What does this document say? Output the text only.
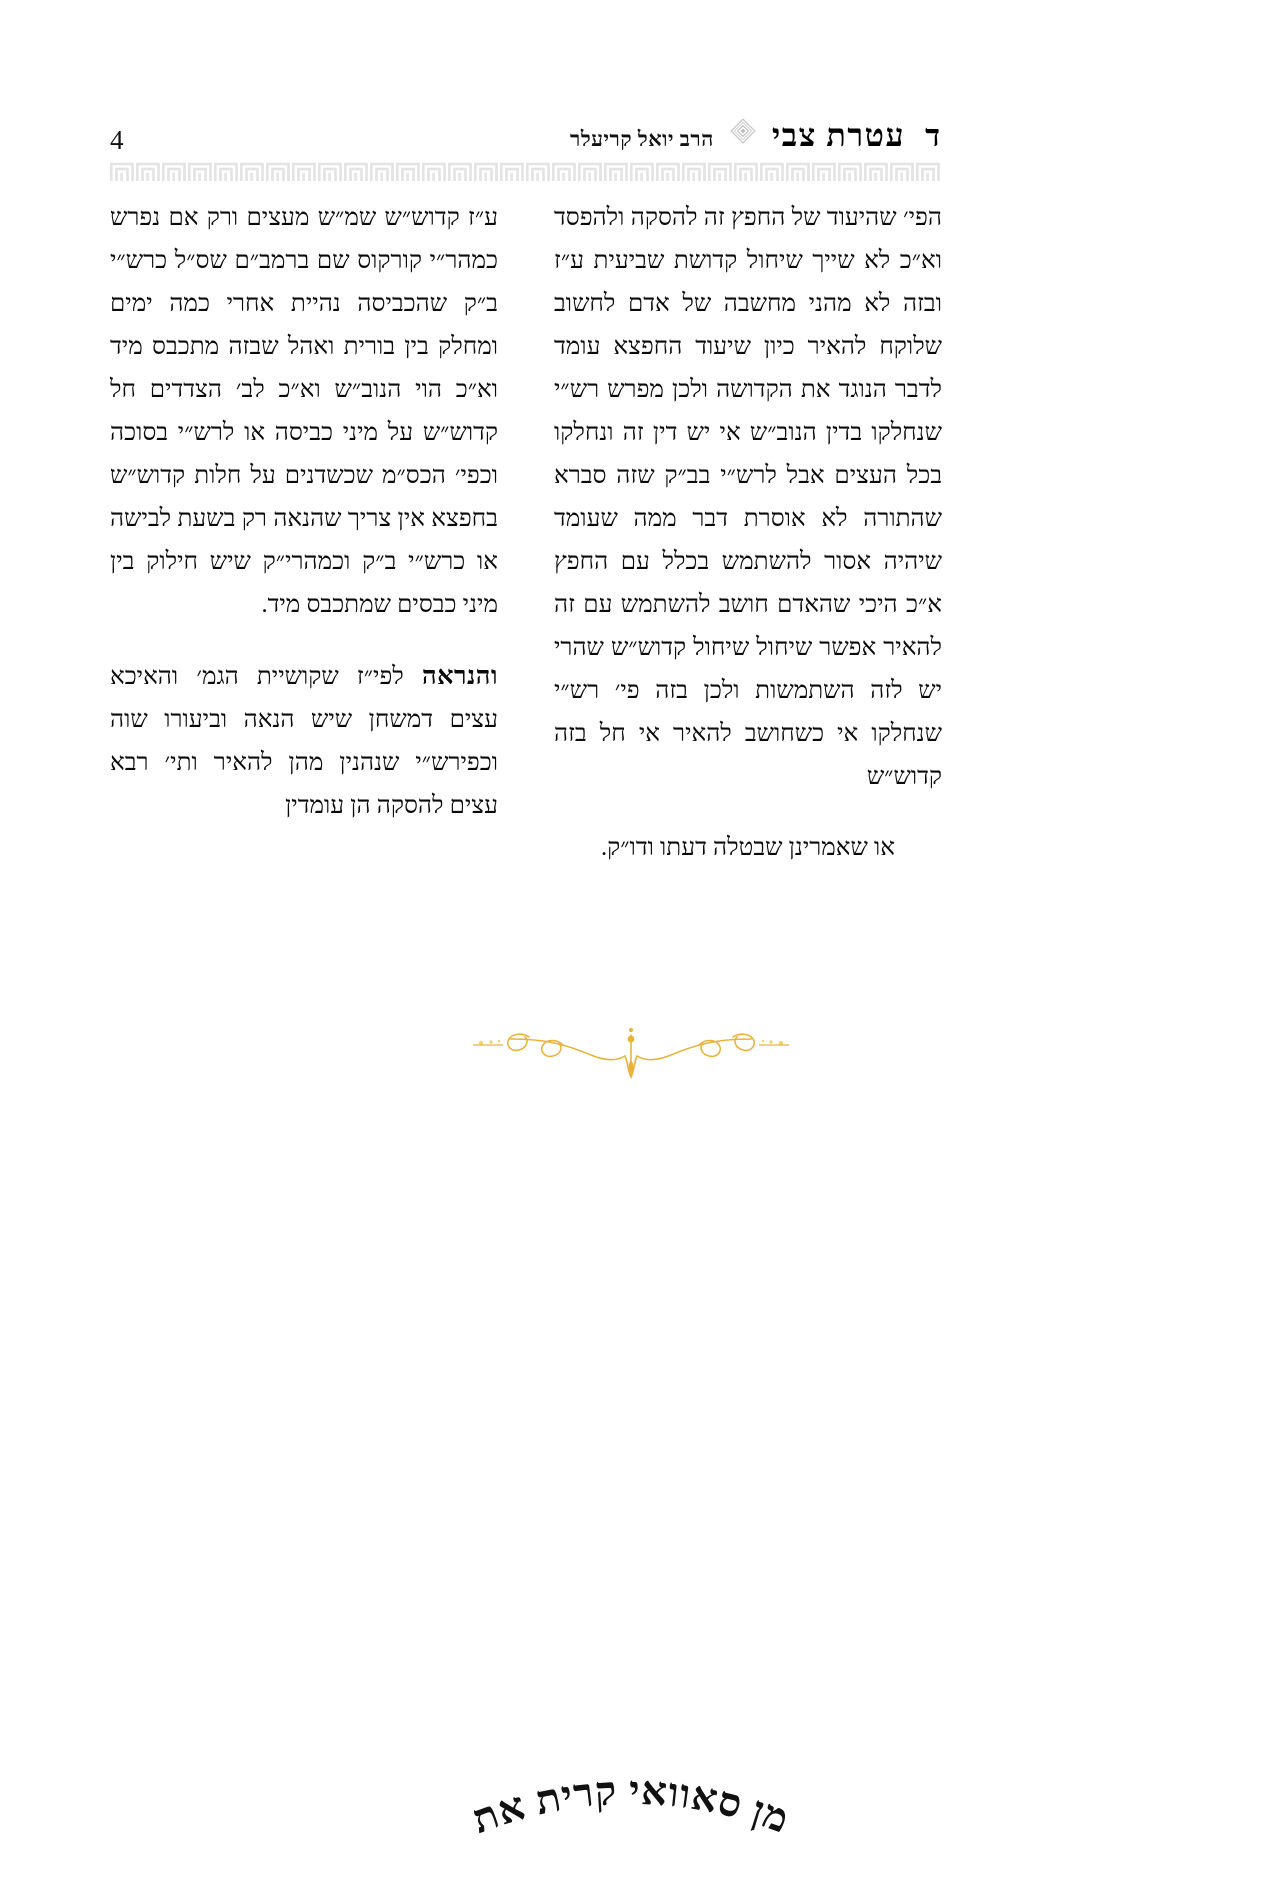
4	ד
עטרת צבי
הרב יואל קריעלר

ע״ז קדוש״ש שמ״ש מעצים ורק אם נפרש כמהר״י קורקוס שם ברמב״ם שס״ל כרש״י ב״ק שהכביסה נהיית אחרי כמה ימים ומחלק בין בורית ואהל שבזה מתכבס מיד וא״כ הוי הנוב״ש וא״כ לב׳ הצדדים חל קדוש״ש על מיני כביסה או לרש״י בסוכה וכפי׳ הכס״מ שכשדנים על חלות קדוש״ש בחפצא אין צריך שהנאה רק בשעת לבישה או כרש״י ב״ק וכמהרי״ק שיש חילוק בין מיני כבסים שמתכבס מיד.

והנראה לפי״ז שקושיית הגמ׳ והאיכא עצים דמשחן שיש הנאה וביעורו שוה וכפירש״י שנהנין מהן להאיר ותי׳ רבא עצים להסקה הן עומדין

הפי׳ שהיעוד של החפץ זה להסקה ולהפסד וא״כ לא שייך שיחול קדושת שביעית ע״ז ובזה לא מהני מחשבה של אדם לחשוב שלוקח להאיר כיון שיעוד החפצא עומד לדבר הנוגד את הקדושה ולכן מפרש רש״י שנחלקו בדין הנוב״ש אי יש דין זה ונחלקו בכל העצים אבל לרש״י בב״ק שזה סברא שהתורה לא אוסרת דבר ממה שעומד שיהיה אסור להשתמש בכלל עם החפץ א״כ היכי שהאדם חושב להשתמש עם זה להאיר אפשר שיחול שיחול קדוש״ש שהרי יש לזה השתמשות ולכן בזה פי׳ רש״י שנחלקו אי כשחושב להאיר אי חל בזה קדוש״ש

או שאמרינן שבטלה דעתו ודו״ק.

מן סאוואי קרית את
